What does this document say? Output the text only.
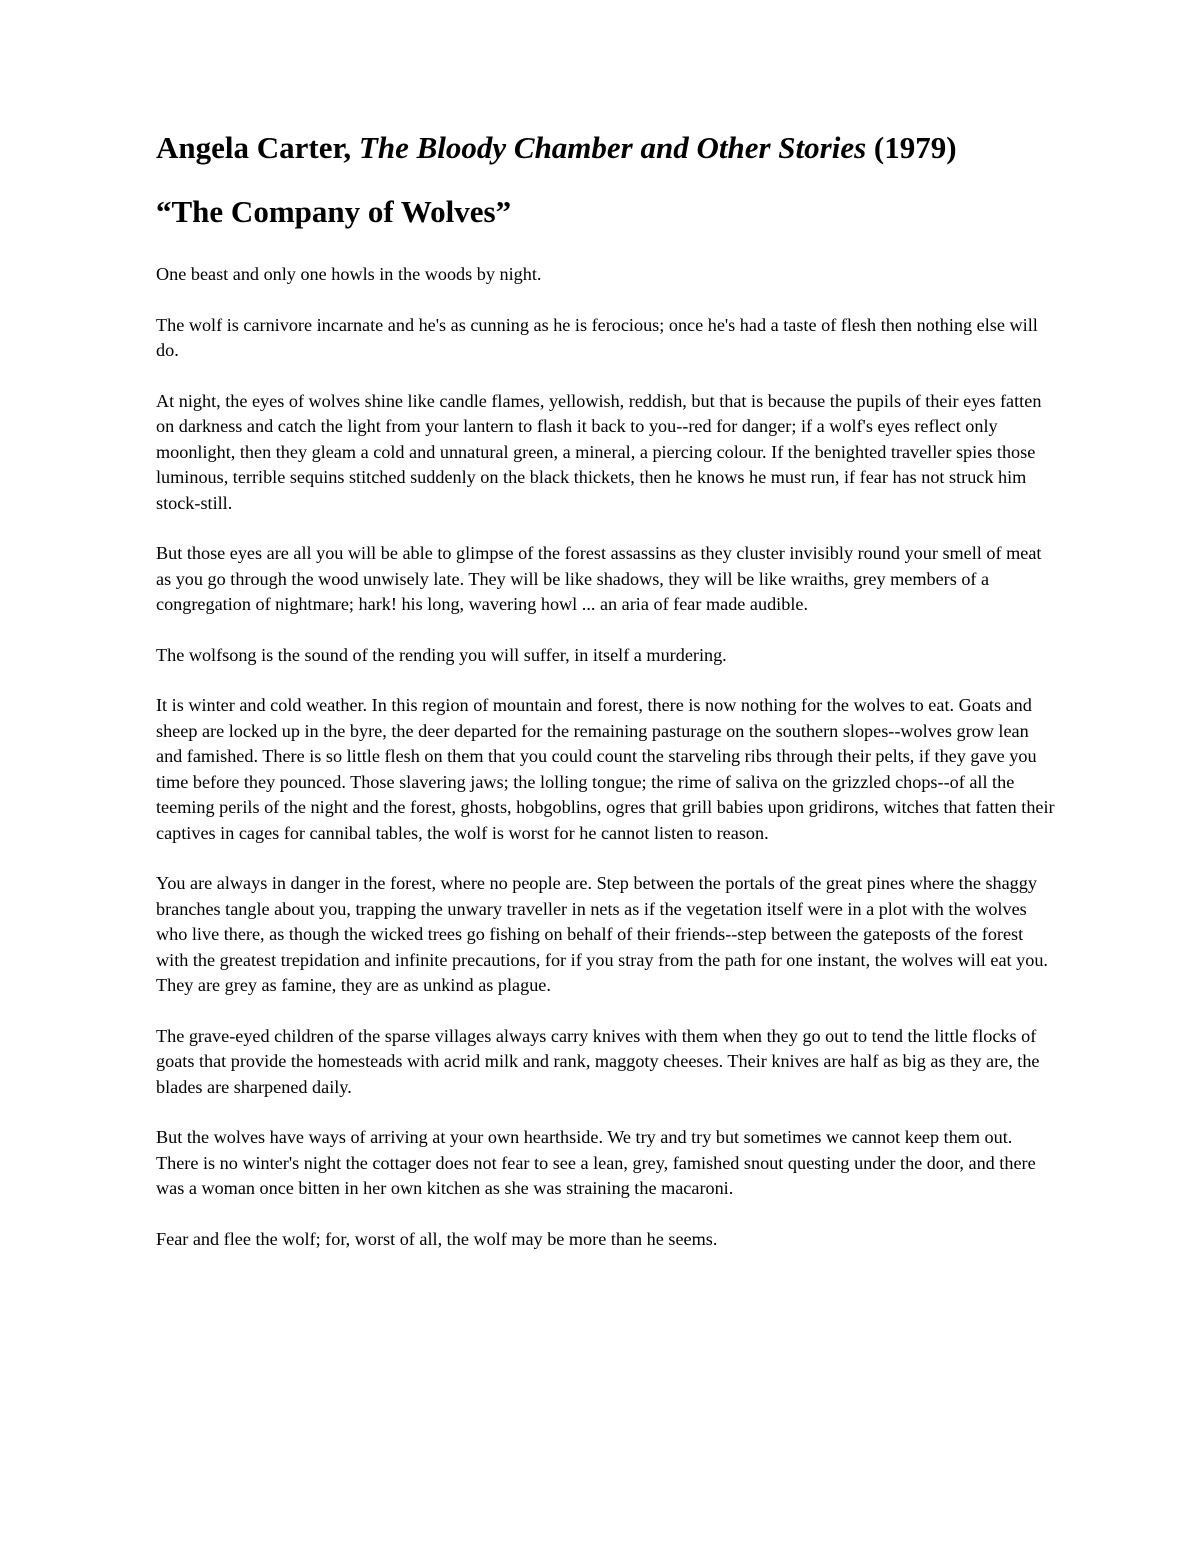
Angela Carter, The Bloody Chamber and Other Stories (1979)
“The Company of Wolves”

One beast and only one howls in the woods by night.

The wolf is carnivore incarnate and he's as cunning as he is ferocious; once he's had a taste of flesh then nothing else will do.

At night, the eyes of wolves shine like candle flames, yellowish, reddish, but that is because the pupils of their eyes fatten on darkness and catch the light from your lantern to flash it back to you--red for danger; if a wolf's eyes reflect only moonlight, then they gleam a cold and unnatural green, a mineral, a piercing colour. If the benighted traveller spies those luminous, terrible sequins stitched suddenly on the black thickets, then he knows he must run, if fear has not struck him stock-still.

But those eyes are all you will be able to glimpse of the forest assassins as they cluster invisibly round your smell of meat as you go through the wood unwisely late. They will be like shadows, they will be like wraiths, grey members of a congregation of nightmare; hark! his long, wavering howl ... an aria of fear made audible.

The wolfsong is the sound of the rending you will suffer, in itself a murdering.

It is winter and cold weather. In this region of mountain and forest, there is now nothing for the wolves to eat. Goats and sheep are locked up in the byre, the deer departed for the remaining pasturage on the southern slopes--wolves grow lean and famished. There is so little flesh on them that you could count the starveling ribs through their pelts, if they gave you time before they pounced. Those slavering jaws; the lolling tongue; the rime of saliva on the grizzled chops--of all the teeming perils of the night and the forest, ghosts, hobgoblins, ogres that grill babies upon gridirons, witches that fatten their captives in cages for cannibal tables, the wolf is worst for he cannot listen to reason.

You are always in danger in the forest, where no people are. Step between the portals of the great pines where the shaggy branches tangle about you, trapping the unwary traveller in nets as if the vegetation itself were in a plot with the wolves who live there, as though the wicked trees go fishing on behalf of their friends--step between the gateposts of the forest with the greatest trepidation and infinite precautions, for if you stray from the path for one instant, the wolves will eat you. They are grey as famine, they are as unkind as plague.

The grave-eyed children of the sparse villages always carry knives with them when they go out to tend the little flocks of goats that provide the homesteads with acrid milk and rank, maggoty cheeses. Their knives are half as big as they are, the blades are sharpened daily.

But the wolves have ways of arriving at your own hearthside. We try and try but sometimes we cannot keep them out. There is no winter's night the cottager does not fear to see a lean, grey, famished snout questing under the door, and there was a woman once bitten in her own kitchen as she was straining the macaroni.

Fear and flee the wolf; for, worst of all, the wolf may be more than he seems.
